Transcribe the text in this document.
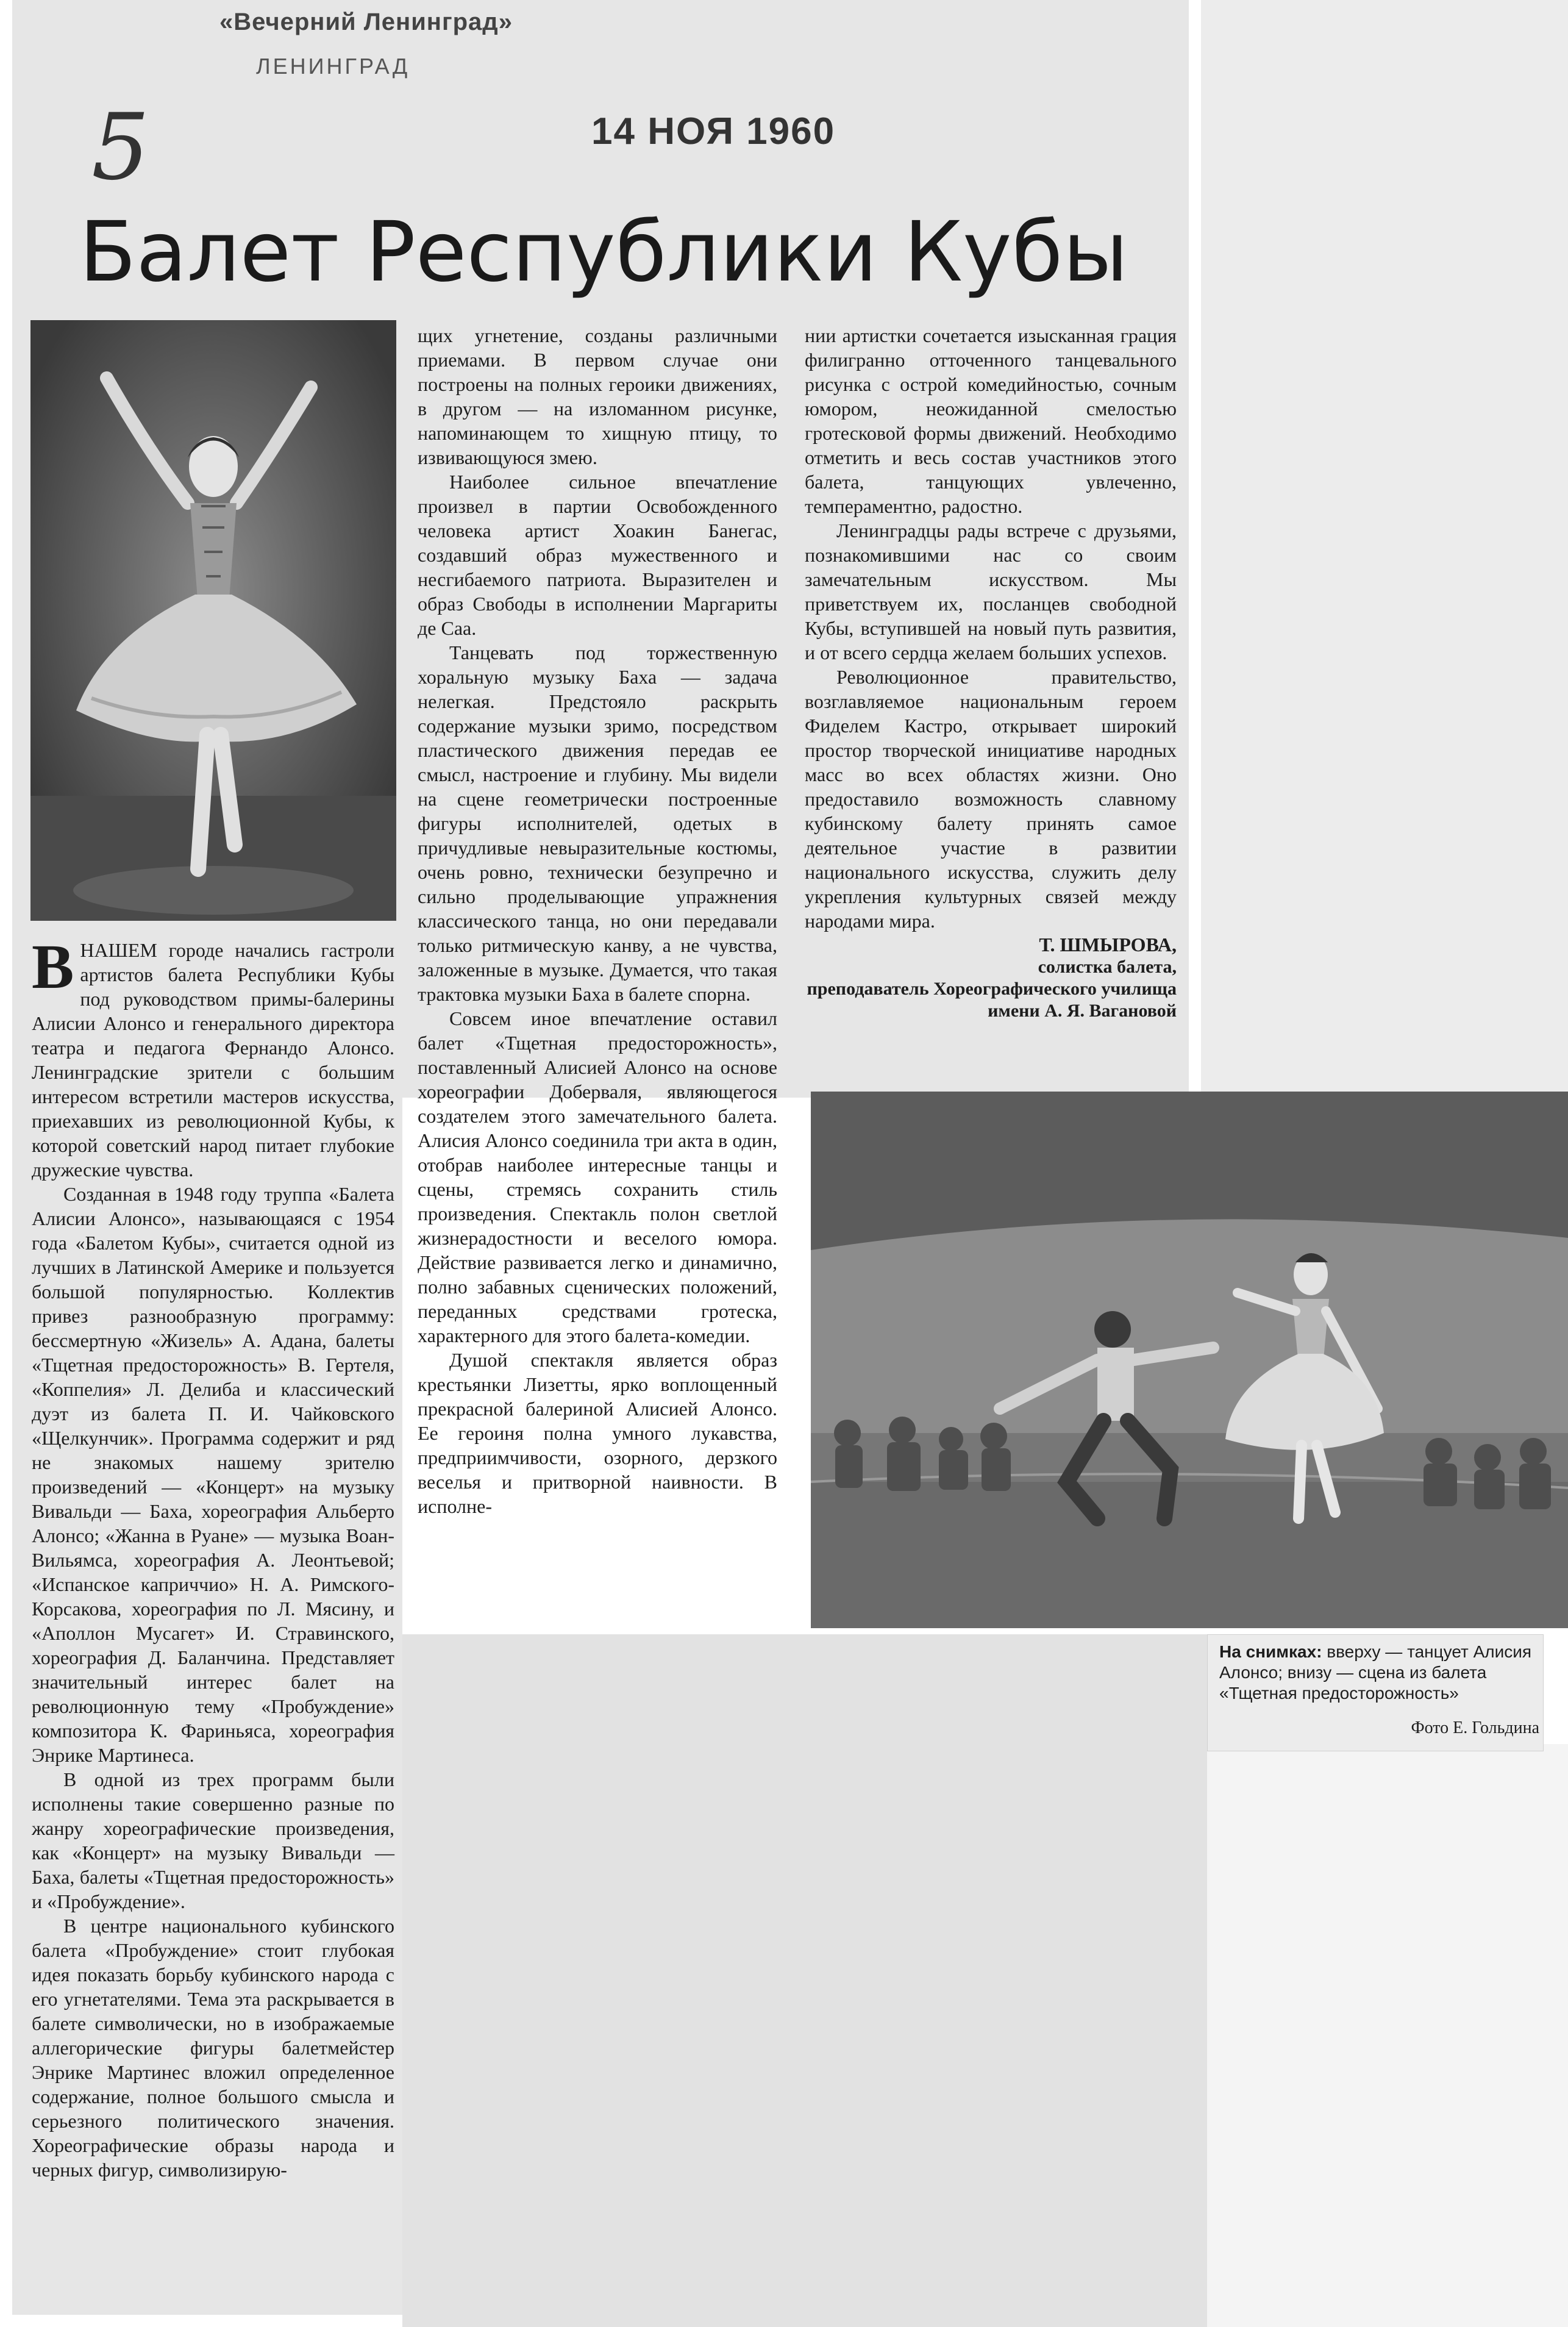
«Вечерний Ленинград»
ЛЕНИНГРАД
14 НОЯ 1960
5
Балет Республики Кубы

ВНАШЕМ городе начались гастроли артистов балета Республики Кубы под руководством примы-балерины Алисии Алонсо и генерального директора театра и педагога Фернандо Алонсо. Ленинградские зрители с большим интересом встретили мастеров искусства, приехавших из революционной Кубы, к которой советский народ питает глубокие дружеские чувства.

Созданная в 1948 году труппа «Балета Алисии Алонсо», называющаяся с 1954 года «Балетом Кубы», считается одной из лучших в Латинской Америке и пользуется большой популярностью. Коллектив привез разнообразную программу: бессмертную «Жизель» А. Адана, балеты «Тщетная предосторожность» В. Гертеля, «Коппелия» Л. Делиба и классический дуэт из балета П. И. Чайковского «Щелкунчик». Программа содержит и ряд не знакомых нашему зрителю произведений — «Концерт» на музыку Вивальди — Баха, хореография Альберто Алонсо; «Жанна в Руане» — музыка Воан-Вильямса, хореография А. Леонтьевой; «Испанское каприччио» Н. А. Римского-Корсакова, хореография по Л. Мясину, и «Аполлон Мусагет» И. Стравинского, хореография Д. Баланчина. Представляет значительный интерес балет на революционную тему «Пробуждение» композитора К. Фариньяса, хореография Энрике Мартинеса.

В одной из трех программ были исполнены такие совершенно разные по жанру хореографические произведения, как «Концерт» на музыку Вивальди — Баха, балеты «Тщетная предосторожность» и «Пробуждение».

В центре национального кубинского балета «Пробуждение» стоит глубокая идея показать борьбу кубинского народа с его угнетателями. Тема эта раскрывается в балете символически, но в изображаемые аллегорические фигуры балетмейстер Энрике Мартинес вложил определенное содержание, полное большого смысла и серьезного политического значения. Хореографические образы народа и черных фигур, символизирую-

щих угнетение, созданы различными приемами. В первом случае они построены на полных героики движениях, в другом — на изломанном рисунке, напоминающем то хищную птицу, то извивающуюся змею.

Наиболее сильное впечатление произвел в партии Освобожденного человека артист Хоакин Банегас, создавший образ мужественного и несгибаемого патриота. Выразителен и образ Свободы в исполнении Маргариты де Саа.

Танцевать под торжественную хоральную музыку Баха — задача нелегкая. Предстояло раскрыть содержание музыки зримо, посредством пластического движения передав ее смысл, настроение и глубину. Мы видели на сцене геометрически построенные фигуры исполнителей, одетых в причудливые невыразительные костюмы, очень ровно, технически безупречно и сильно проделывающие упражнения классического танца, но они передавали только ритмическую канву, а не чувства, заложенные в музыке. Думается, что такая трактовка музыки Баха в балете спорна.

Совсем иное впечатление оставил балет «Тщетная предосторожность», поставленный Алисией Алонсо на основе хореографии Доберваля, являющегося создателем этого замечательного балета. Алисия Алонсо соединила три акта в один, отобрав наиболее интересные танцы и сцены, стремясь сохранить стиль произведения. Спектакль полон светлой жизнерадостности и веселого юмора. Действие развивается легко и динамично, полно забавных сценических положений, переданных средствами гротеска, характерного для этого балета-комедии.

Душой спектакля является образ крестьянки Лизетты, ярко воплощенный прекрасной балериной Алисией Алонсо. Ее героиня полна умного лукавства, предприимчивости, озорного, дерзкого веселья и притворной наивности. В исполне-

нии артистки сочетается изысканная грация филигранно отточенного танцевального рисунка с острой комедийностью, сочным юмором, неожиданной смелостью гротесковой формы движений. Необходимо отметить и весь состав участников этого балета, танцующих увлеченно, темпераментно, радостно.

Ленинградцы рады встрече с друзьями, познакомившими нас со своим замечательным искусством. Мы приветствуем их, посланцев свободной Кубы, вступившей на новый путь развития, и от всего сердца желаем больших успехов.

Революционное правительство, возглавляемое национальным героем Фиделем Кастро, открывает широкий простор творческой инициативе народных масс во всех областях жизни. Оно предоставило возможность славному кубинскому балету принять самое деятельное участие в развитии национального искусства, служить делу укрепления культурных связей между народами мира.

Т. ШМЫРОВА,

солистка балета,

преподаватель Хореографического училища

имени А. Я. Вагановой

На снимках: вверху — танцует Алисия Алонсо; внизу — сцена из балета «Тщетная предосторожность»
Фото Е. Гольдина
